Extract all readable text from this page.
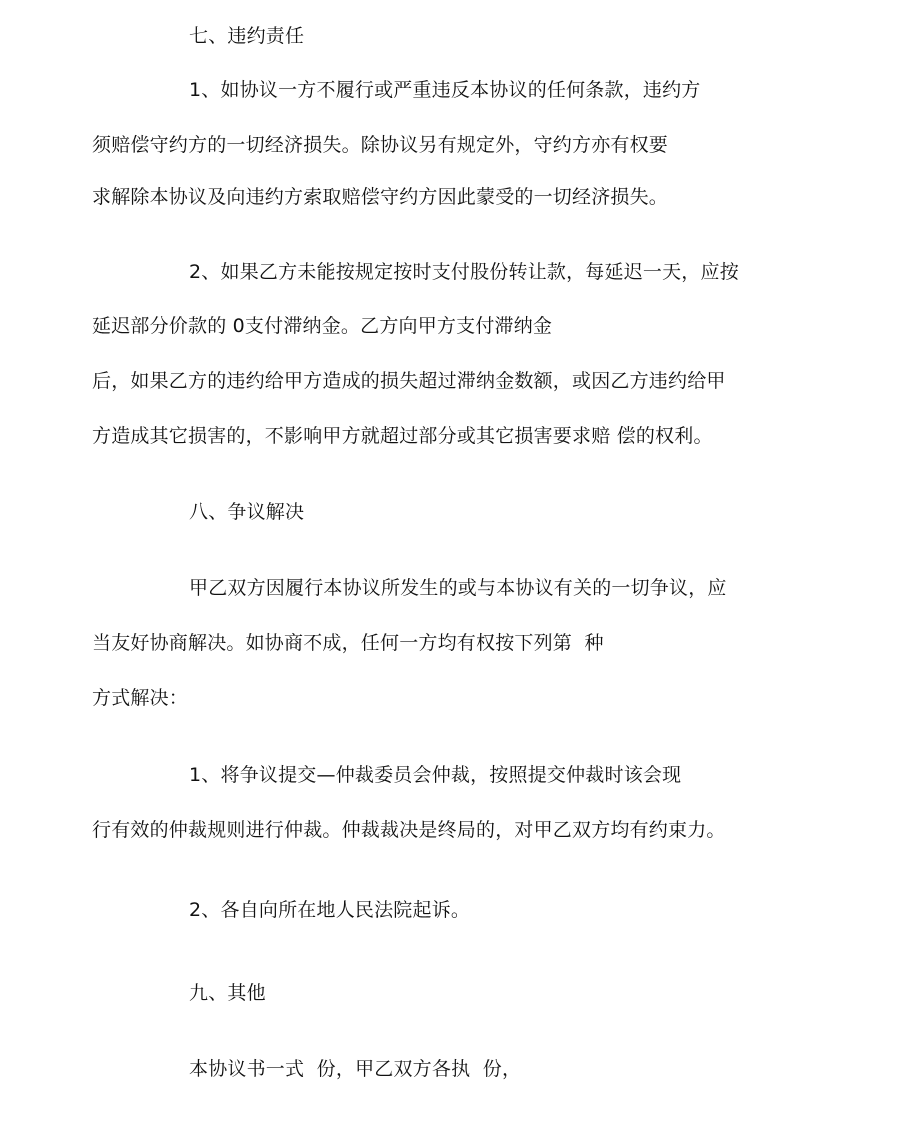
七、违约责任

1、如协议一方不履行或严重违反本协议的任何条款，违约方

须赔偿守约方的一切经济损失。除协议另有规定外，守约方亦有权要

求解除本协议及向违约方索取赔偿守约方因此蒙受的一切经济损失。

2、如果乙方未能按规定按时支付股份转让款，每延迟一天，应按

延迟部分价款的 0支付滞纳金。乙方向甲方支付滞纳金

后，如果乙方的违约给甲方造成的损失超过滞纳金数额，或因乙方违约给甲

方造成其它损害的，不影响甲方就超过部分或其它损害要求赔 偿的权利。

八、争议解决

甲乙双方因履行本协议所发生的或与本协议有关的一切争议，应

当友好协商解决。如协商不成，任何一方均有权按下列第  种

方式解决：

1、将争议提交—仲裁委员会仲裁，按照提交仲裁时该会现

行有效的仲裁规则进行仲裁。仲裁裁决是终局的，对甲乙双方均有约束力。

2、各自向所在地人民法院起诉。

九、其他

本协议书一式  份，甲乙双方各执  份，
